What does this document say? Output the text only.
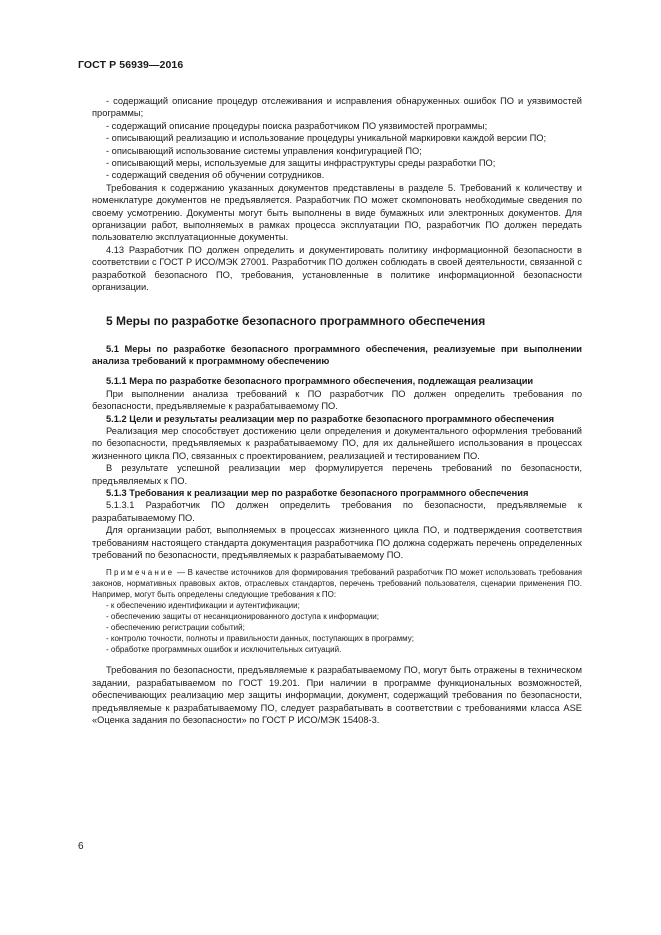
ГОСТ Р 56939—2016

- содержащий описание процедур отслеживания и исправления обнаруженных ошибок ПО и уязвимостей программы;

- содержащий описание процедуры поиска разработчиком ПО уязвимостей программы;

- описывающий реализацию и использование процедуры уникальной маркировки каждой версии ПО;

- описывающий использование системы управления конфигурацией ПО;

- описывающий меры, используемые для защиты инфраструктуры среды разработки ПО;

- содержащий сведения об обучении сотрудников.

Требования к содержанию указанных документов представлены в разделе 5. Требований к количеству и номенклатуре документов не предъявляется. Разработчик ПО может скомпоновать необходимые сведения по своему усмотрению. Документы могут быть выполнены в виде бумажных или электронных документов. Для организации работ, выполняемых в рамках процесса эксплуатации ПО, разработчик ПО должен передать пользователю эксплуатационные документы.

4.13 Разработчик ПО должен определить и документировать политику информационной безопасности в соответствии с ГОСТ Р ИСО/МЭК 27001. Разработчик ПО должен соблюдать в своей деятельности, связанной с разработкой безопасного ПО, требования, установленные в политике информационной безопасности организации.

5 Меры по разработке безопасного программного обеспечения

5.1 Меры по разработке безопасного программного обеспечения, реализуемые при выполнении анализа требований к программному обеспечению

5.1.1 Мера по разработке безопасного программного обеспечения, подлежащая реализации

При выполнении анализа требований к ПО разработчик ПО должен определить требования по безопасности, предъявляемые к разрабатываемому ПО.

5.1.2 Цели и результаты реализации мер по разработке безопасного программного обеспечения

Реализация мер способствует достижению цели определения и документального оформления требований по безопасности, предъявляемых к разрабатываемому ПО, для их дальнейшего использования в процессах жизненного цикла ПО, связанных с проектированием, реализацией и тестированием ПО.

В результате успешной реализации мер формулируется перечень требований по безопасности, предъявляемых к ПО.

5.1.3 Требования к реализации мер по разработке безопасного программного обеспечения

5.1.3.1 Разработчик ПО должен определить требования по безопасности, предъявляемые к разрабатываемому ПО.

Для организации работ, выполняемых в процессах жизненного цикла ПО, и подтверждения соответствия требованиям настоящего стандарта документация разработчика ПО должна содержать перечень определенных требований по безопасности, предъявляемых к разрабатываемому ПО.

Примечание — В качестве источников для формирования требований разработчик ПО может использовать требования законов, нормативных правовых актов, отраслевых стандартов, перечень требований пользователя, сценарии применения ПО. Например, могут быть определены следующие требования к ПО:

- к обеспечению идентификации и аутентификации;

- обеспечению защиты от несанкционированного доступа к информации;

- обеспечению регистрации событий;

- контролю точности, полноты и правильности данных, поступающих в программу;

- обработке программных ошибок и исключительных ситуаций.

Требования по безопасности, предъявляемые к разрабатываемому ПО, могут быть отражены в техническом задании, разрабатываемом по ГОСТ 19.201. При наличии в программе функциональных возможностей, обеспечивающих реализацию мер защиты информации, документ, содержащий требования по безопасности, предъявляемые к разрабатываемому ПО, следует разрабатывать в соответствии с требованиями класса ASE «Оценка задания по безопасности» по ГОСТ Р ИСО/МЭК 15408-3.

6
